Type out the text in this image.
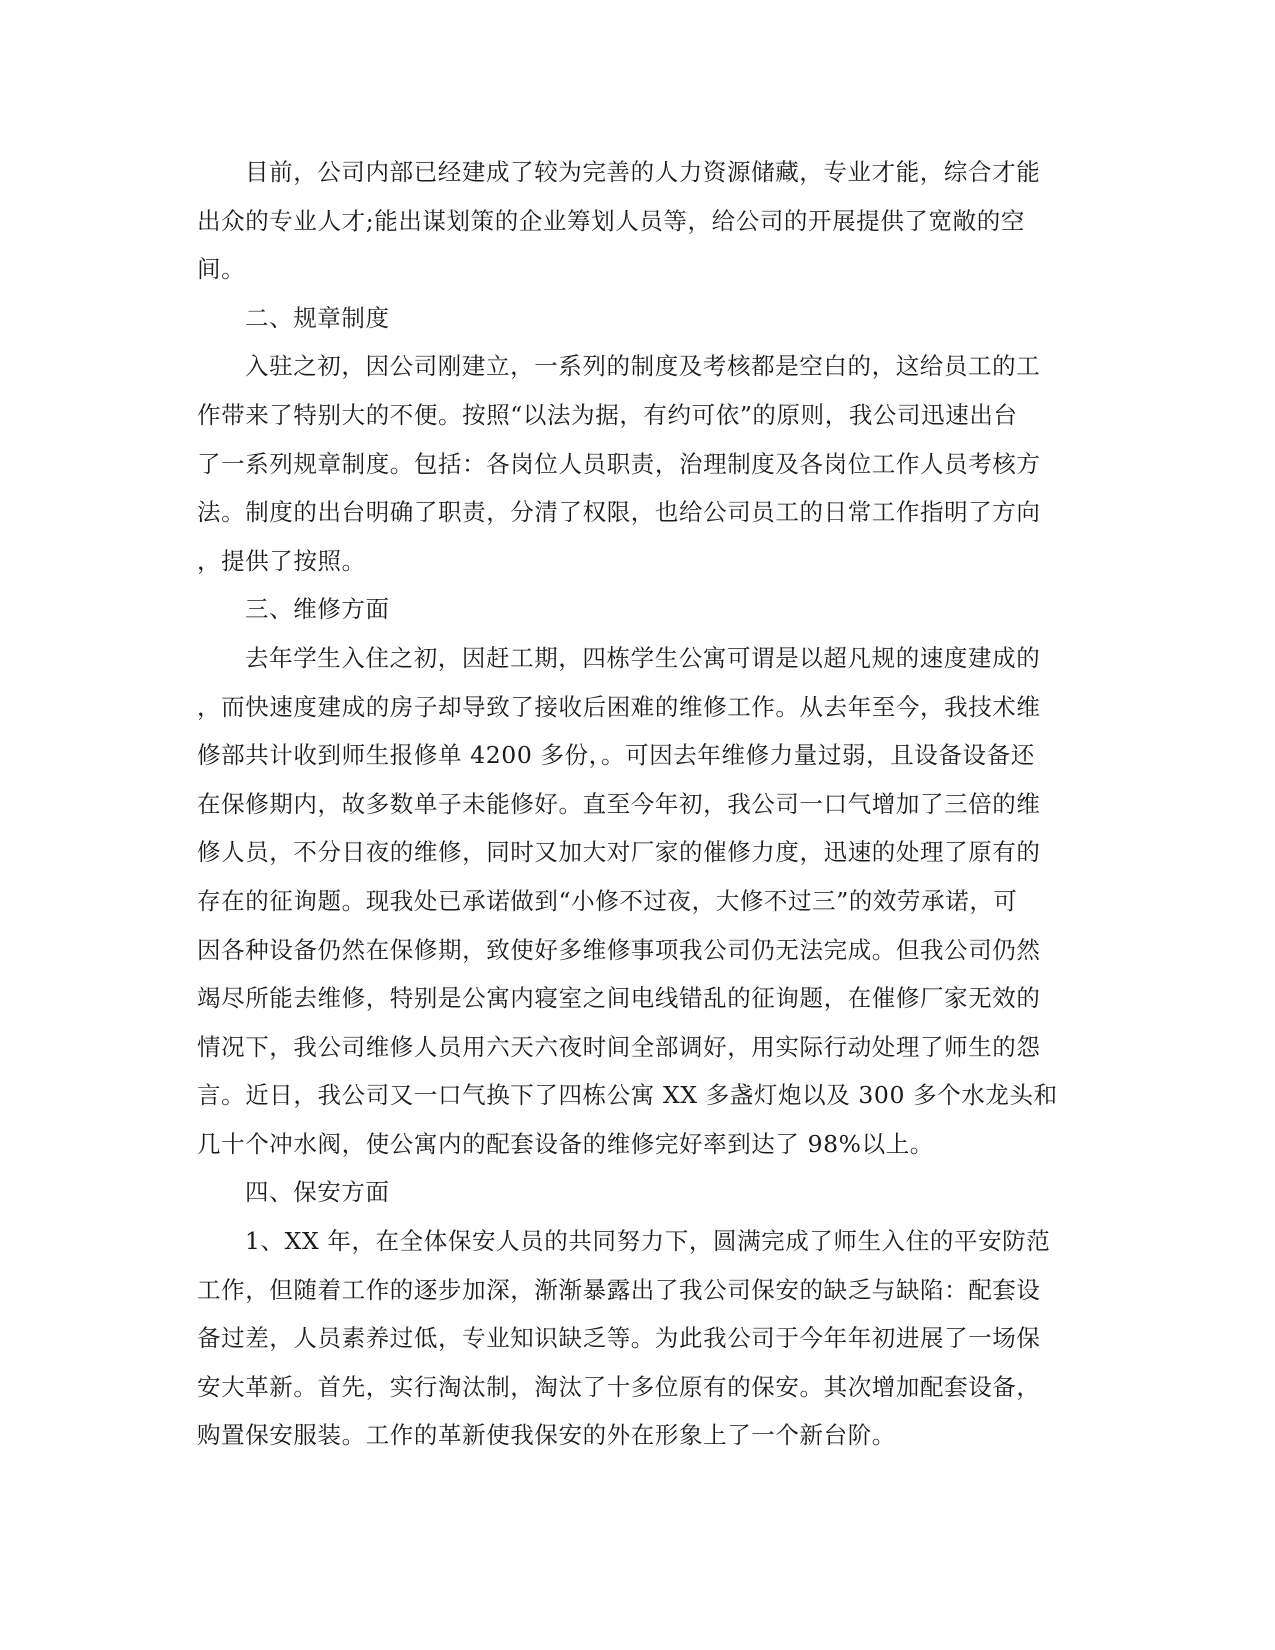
目前，公司内部已经建成了较为完善的人力资源储藏，专业才能，综合才能
出众的专业人才;能出谋划策的企业筹划人员等，给公司的开展提供了宽敞的空
间。

二、规章制度

入驻之初，因公司刚建立，一系列的制度及考核都是空白的，这给员工的工
作带来了特别大的不便。按照“以法为据，有约可依”的原则，我公司迅速出台
了一系列规章制度。包括：各岗位人员职责，治理制度及各岗位工作人员考核方
法。制度的出台明确了职责，分清了权限，也给公司员工的日常工作指明了方向
，提供了按照。

三、维修方面

去年学生入住之初，因赶工期，四栋学生公寓可谓是以超凡规的速度建成的
，而快速度建成的房子却导致了接收后困难的维修工作。从去年至今，我技术维
修部共计收到师生报修单 4200 多份，。可因去年维修力量过弱，且设备设备还
在保修期内，故多数单子未能修好。直至今年初，我公司一口气增加了三倍的维
修人员，不分日夜的维修，同时又加大对厂家的催修力度，迅速的处理了原有的
存在的征询题。现我处已承诺做到“小修不过夜，大修不过三”的效劳承诺，可
因各种设备仍然在保修期，致使好多维修事项我公司仍无法完成。但我公司仍然
竭尽所能去维修，特别是公寓内寝室之间电线错乱的征询题，在催修厂家无效的
情况下，我公司维修人员用六天六夜时间全部调好，用实际行动处理了师生的怨
言。近日，我公司又一口气换下了四栋公寓 XX 多盏灯炮以及 300 多个水龙头和
几十个冲水阀，使公寓内的配套设备的维修完好率到达了 98%以上。

四、保安方面

1、XX 年，在全体保安人员的共同努力下，圆满完成了师生入住的平安防范
工作，但随着工作的逐步加深，渐渐暴露出了我公司保安的缺乏与缺陷：配套设
备过差，人员素养过低，专业知识缺乏等。为此我公司于今年年初进展了一场保
安大革新。首先，实行淘汰制，淘汰了十多位原有的保安。其次增加配套设备，
购置保安服装。工作的革新使我保安的外在形象上了一个新台阶。
